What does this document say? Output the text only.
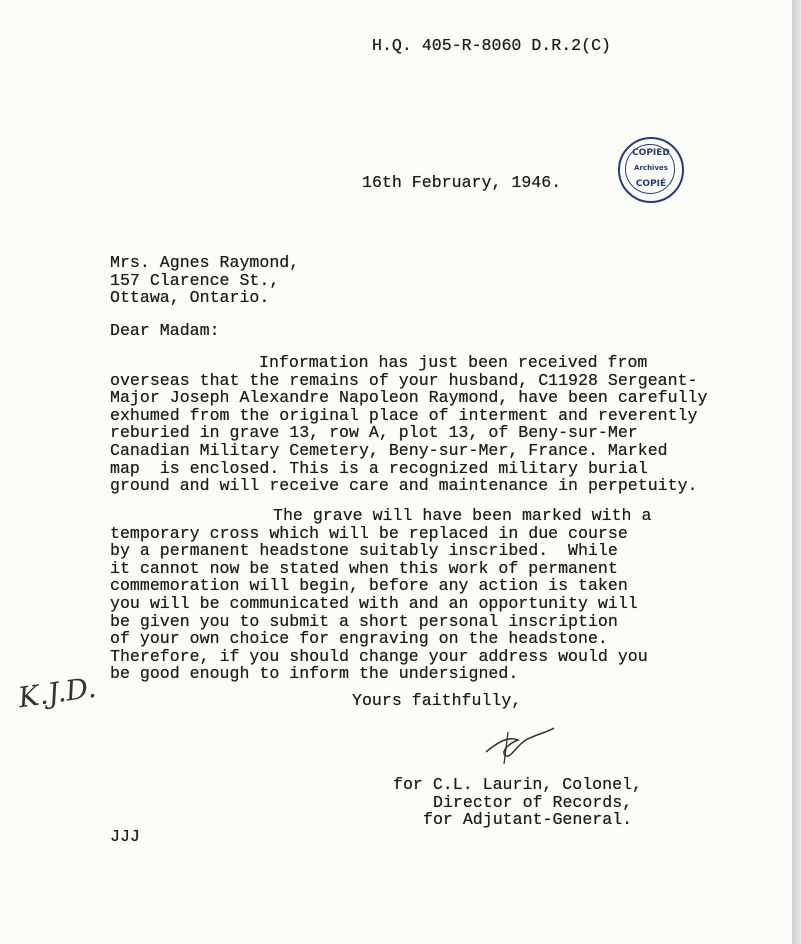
H.Q. 405-R-8060 D.R.2(C)
16th February, 1946.
COPIED
Archives
COPIÉ
Mrs. Agnes Raymond,
157 Clarence St.,
Ottawa, Ontario.
Dear Madam:
Information has just been received from
overseas that the remains of your husband, C11928 Sergeant-
Major Joseph Alexandre Napoleon Raymond, have been carefully
exhumed from the original place of interment and reverently
reburied in grave 13, row A, plot 13, of Beny-sur-Mer
Canadian Military Cemetery, Beny-sur-Mer, France. Marked
map  is enclosed. This is a recognized military burial
ground and will receive care and maintenance in perpetuity.
The grave will have been marked with a
temporary cross which will be replaced in due course
by a permanent headstone suitably inscribed.  While
it cannot now be stated when this work of permanent
commemoration will begin, before any action is taken
you will be communicated with and an opportunity will
be given you to submit a short personal inscription
of your own choice for engraving on the headstone.
Therefore, if you should change your address would you
be good enough to inform the undersigned.
Yours faithfully,
for C.L. Laurin, Colonel,
Director of Records,
for Adjutant-General.
JJJ
K.J.D.
